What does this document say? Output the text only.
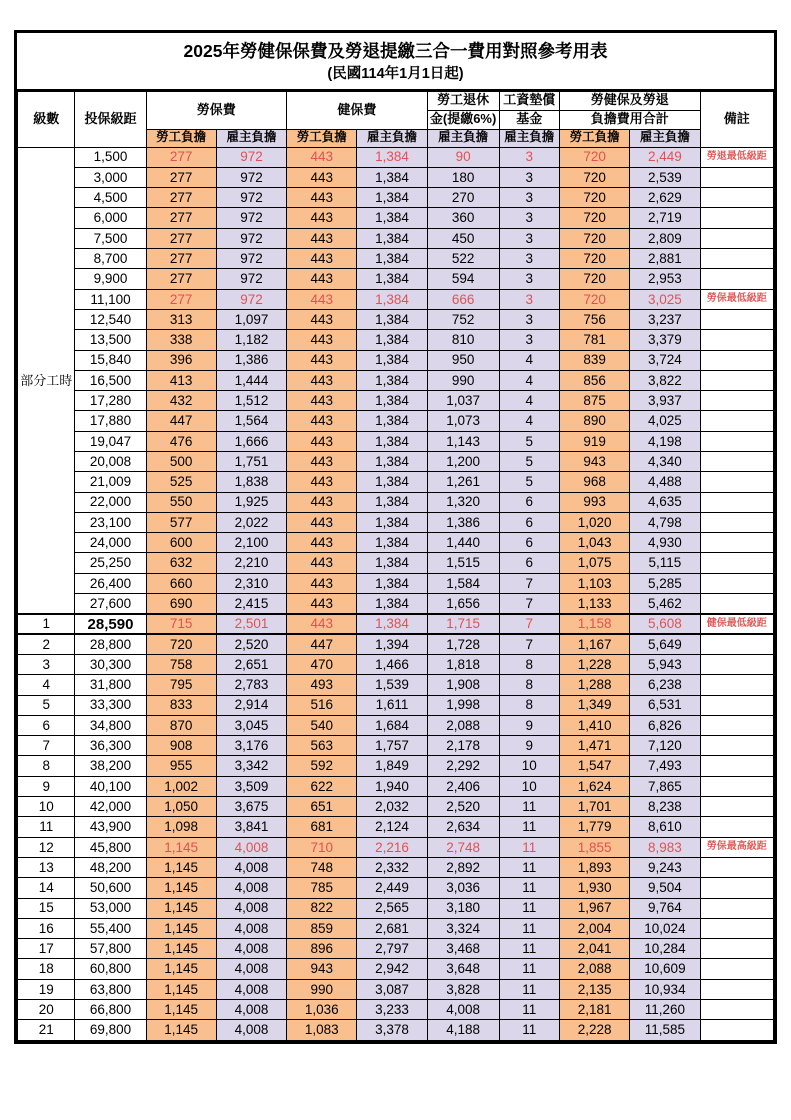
2025年勞健保保費及勞退提繳三合一費用對照參考用表
(民國114年1月1日起)
級數	投保級距	勞保費		健保費		勞工退休	工資墊償	勞健保及勞退		備註
						金(提繳6%)	基金	負擔費用合計		
		勞工負擔	雇主負擔	勞工負擔	雇主負擔	雇主負擔	雇主負擔	勞工負擔	雇主負擔	
部分工時	1,500	277	972	443	1,384	90	3	720	2,449	勞退最低級距
	3,000	277	972	443	1,384	180	3	720	2,539	
	4,500	277	972	443	1,384	270	3	720	2,629	
	6,000	277	972	443	1,384	360	3	720	2,719	
	7,500	277	972	443	1,384	450	3	720	2,809	
	8,700	277	972	443	1,384	522	3	720	2,881	
	9,900	277	972	443	1,384	594	3	720	2,953	
	11,100	277	972	443	1,384	666	3	720	3,025	勞保最低級距
	12,540	313	1,097	443	1,384	752	3	756	3,237	
	13,500	338	1,182	443	1,384	810	3	781	3,379	
	15,840	396	1,386	443	1,384	950	4	839	3,724	
	16,500	413	1,444	443	1,384	990	4	856	3,822	
	17,280	432	1,512	443	1,384	1,037	4	875	3,937	
	17,880	447	1,564	443	1,384	1,073	4	890	4,025	
	19,047	476	1,666	443	1,384	1,143	5	919	4,198	
	20,008	500	1,751	443	1,384	1,200	5	943	4,340	
	21,009	525	1,838	443	1,384	1,261	5	968	4,488	
	22,000	550	1,925	443	1,384	1,320	6	993	4,635	
	23,100	577	2,022	443	1,384	1,386	6	1,020	4,798	
	24,000	600	2,100	443	1,384	1,440	6	1,043	4,930	
	25,250	632	2,210	443	1,384	1,515	6	1,075	5,115	
	26,400	660	2,310	443	1,384	1,584	7	1,103	5,285	
	27,600	690	2,415	443	1,384	1,656	7	1,133	5,462	
1	28,590	715	2,501	443	1,384	1,715	7	1,158	5,608	健保最低級距
2	28,800	720	2,520	447	1,394	1,728	7	1,167	5,649	
3	30,300	758	2,651	470	1,466	1,818	8	1,228	5,943	
4	31,800	795	2,783	493	1,539	1,908	8	1,288	6,238	
5	33,300	833	2,914	516	1,611	1,998	8	1,349	6,531	
6	34,800	870	3,045	540	1,684	2,088	9	1,410	6,826	
7	36,300	908	3,176	563	1,757	2,178	9	1,471	7,120	
8	38,200	955	3,342	592	1,849	2,292	10	1,547	7,493	
9	40,100	1,002	3,509	622	1,940	2,406	10	1,624	7,865	
10	42,000	1,050	3,675	651	2,032	2,520	11	1,701	8,238	
11	43,900	1,098	3,841	681	2,124	2,634	11	1,779	8,610	
12	45,800	1,145	4,008	710	2,216	2,748	11	1,855	8,983	勞保最高級距
13	48,200	1,145	4,008	748	2,332	2,892	11	1,893	9,243	
14	50,600	1,145	4,008	785	2,449	3,036	11	1,930	9,504	
15	53,000	1,145	4,008	822	2,565	3,180	11	1,967	9,764	
16	55,400	1,145	4,008	859	2,681	3,324	11	2,004	10,024	
17	57,800	1,145	4,008	896	2,797	3,468	11	2,041	10,284	
18	60,800	1,145	4,008	943	2,942	3,648	11	2,088	10,609	
19	63,800	1,145	4,008	990	3,087	3,828	11	2,135	10,934	
20	66,800	1,145	4,008	1,036	3,233	4,008	11	2,181	11,260	
21	69,800	1,145	4,008	1,083	3,378	4,188	11	2,228	11,585	
